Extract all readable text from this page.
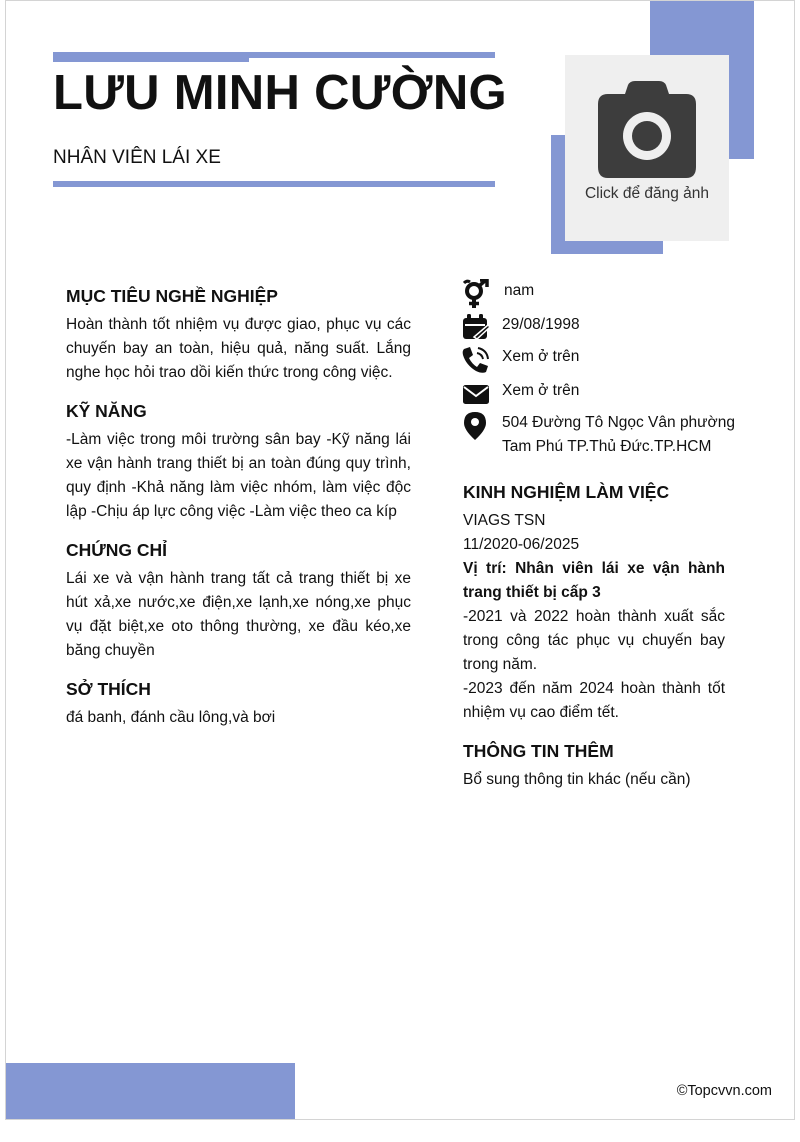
LƯU MINH CƯỜNG
NHÂN VIÊN LÁI XE
Click để đăng ảnh
nam
29/08/1998
Xem ở trên
Xem ở trên
504 Đường Tô Ngọc Vân phường
Tam Phú TP.Thủ Đức.TP.HCM
MỤC TIÊU NGHỀ NGHIỆP

Hoàn thành tốt nhiệm vụ được giao, phục vụ các chuyến bay an toàn, hiệu quả, năng suất. Lắng nghe học hỏi trao dồi kiến thức trong công việc.

KỸ NĂNG

-Làm việc trong môi trường sân bay -Kỹ năng lái xe vận hành trang thiết bị an toàn đúng quy trình, quy định -Khả năng làm việc nhóm, làm việc độc lập -Chịu áp lực công việc -Làm việc theo ca kíp

CHỨNG CHỈ

Lái xe và vận hành trang tất cả trang thiết bị xe hút xả,xe nước,xe điện,xe lạnh,xe nóng,xe phục vụ đặt biệt,xe oto thông thường, xe đầu kéo,xe băng chuyền

SỞ THÍCH

đá banh, đánh cầu lông,và bơi

KINH NGHIỆM LÀM VIỆC

VIAGS TSN

11/2020-06/2025

Vị trí: Nhân viên lái xe vận hành trang thiết bị cấp 3

-2021 và 2022 hoàn thành xuất sắc trong công tác phục vụ chuyến bay trong năm.

-2023 đến năm 2024 hoàn thành tốt nhiệm vụ cao điểm tết.

THÔNG TIN THÊM

Bổ sung thông tin khác (nếu cần)

©Topcvvn.com
